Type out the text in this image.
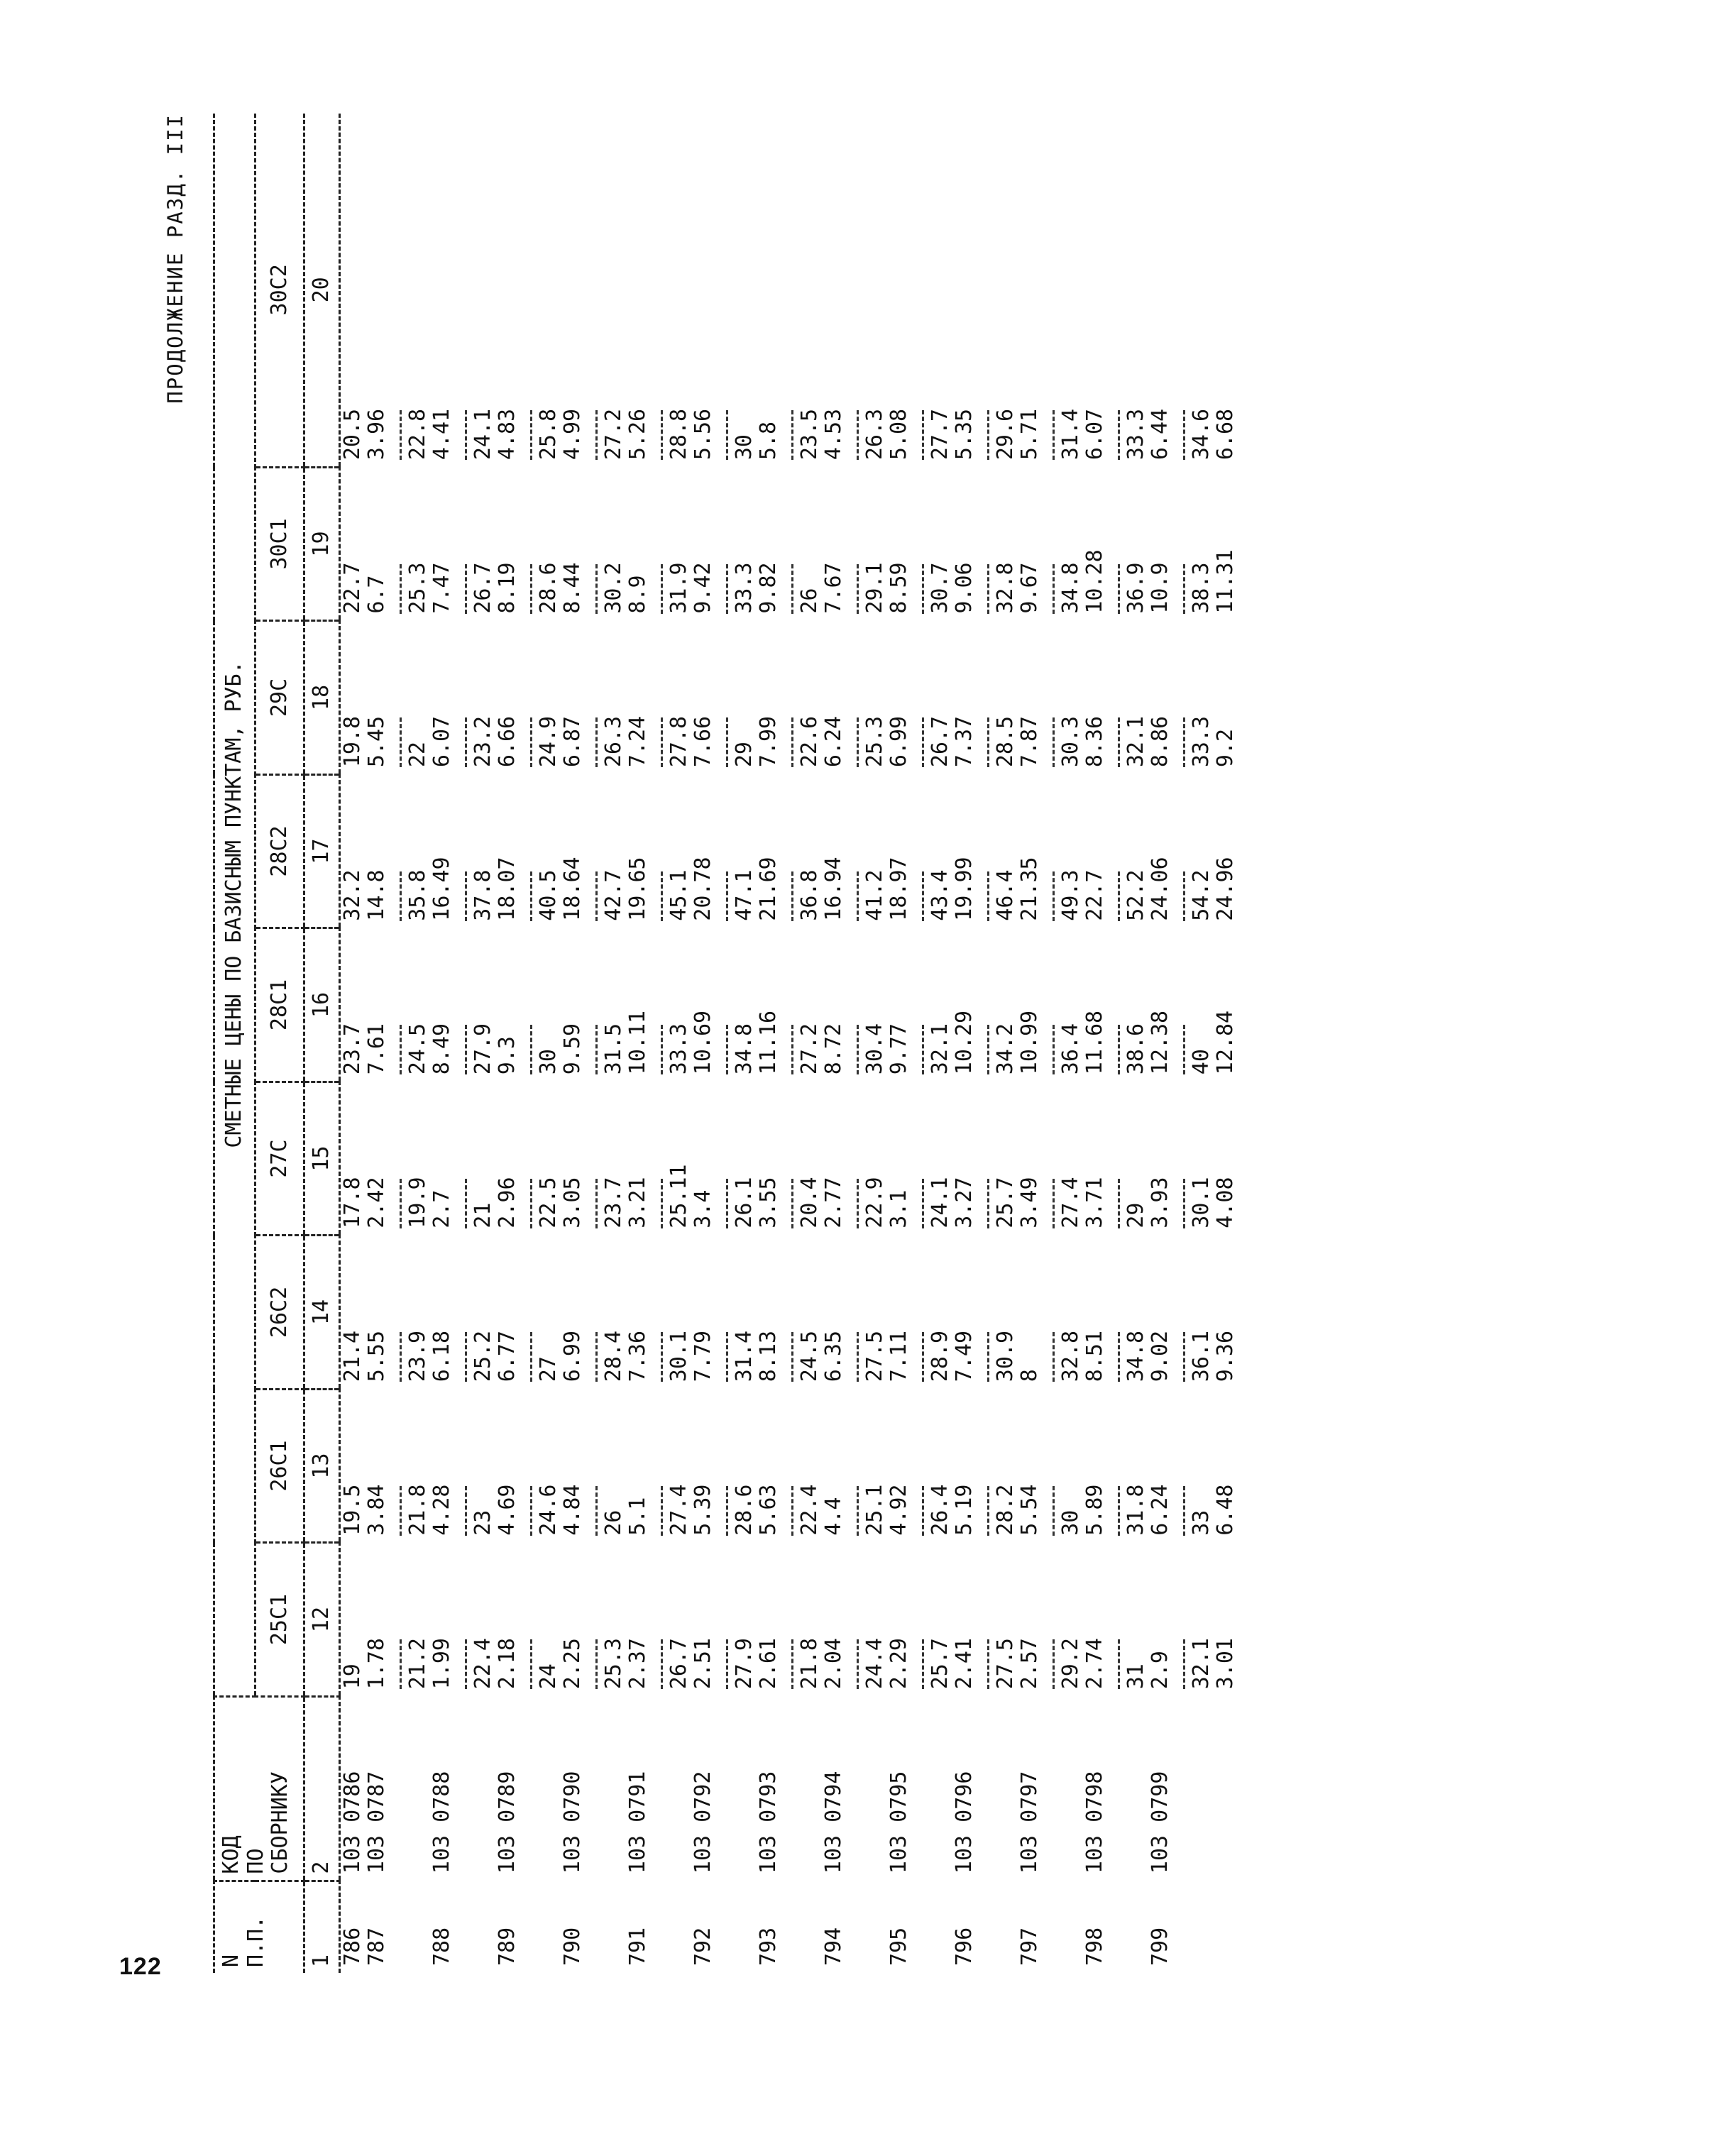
122
ПРОДОЛЖЕНИЕ РАЗД. III
N
П.П.	КОД
ПО
СБОРНИКУ	СМЕТНЫЕ ЦЕНЫ ПО БАЗИСНЫМ ПУНКТАМ, РУБ.								
		25С1	26С1	26С2	27С	28С1	28С2	29С	30С1	30С2
1	2	12	13	14	15	16	17	18	19	20
786	103 0786	19	19.5	21.4	17.8	23.7	32.2	19.8	22.7	20.5
787	103 0787	1.78	3.84	5.55	2.42	7.61	14.8	5.45	6.7	3.96

		21.2	21.8	23.9	19.9	24.5	35.8	22	25.3	22.8
788	103 0788	1.99	4.28	6.18	2.7	8.49	16.49	6.07	7.47	4.41

		22.4	23	25.2	21	27.9	37.8	23.2	26.7	24.1
789	103 0789	2.18	4.69	6.77	2.96	9.3	18.07	6.66	8.19	4.83

		24	24.6	27	22.5	30	40.5	24.9	28.6	25.8
790	103 0790	2.25	4.84	6.99	3.05	9.59	18.64	6.87	8.44	4.99

		25.3	26	28.4	23.7	31.5	42.7	26.3	30.2	27.2
791	103 0791	2.37	5.1	7.36	3.21	10.11	19.65	7.24	8.9	5.26

		26.7	27.4	30.1	25.11	33.3	45.1	27.8	31.9	28.8
792	103 0792	2.51	5.39	7.79	3.4	10.69	20.78	7.66	9.42	5.56

		27.9	28.6	31.4	26.1	34.8	47.1	29	33.3	30
793	103 0793	2.61	5.63	8.13	3.55	11.16	21.69	7.99	9.82	5.8

		21.8	22.4	24.5	20.4	27.2	36.8	22.6	26	23.5
794	103 0794	2.04	4.4	6.35	2.77	8.72	16.94	6.24	7.67	4.53

		24.4	25.1	27.5	22.9	30.4	41.2	25.3	29.1	26.3
795	103 0795	2.29	4.92	7.11	3.1	9.77	18.97	6.99	8.59	5.08

		25.7	26.4	28.9	24.1	32.1	43.4	26.7	30.7	27.7
796	103 0796	2.41	5.19	7.49	3.27	10.29	19.99	7.37	9.06	5.35

		27.5	28.2	30.9	25.7	34.2	46.4	28.5	32.8	29.6
797	103 0797	2.57	5.54	8	3.49	10.99	21.35	7.87	9.67	5.71

		29.2	30	32.8	27.4	36.4	49.3	30.3	34.8	31.4
798	103 0798	2.74	5.89	8.51	3.71	11.68	22.7	8.36	10.28	6.07

		31	31.8	34.8	29	38.6	52.2	32.1	36.9	33.3
799	103 0799	2.9	6.24	9.02	3.93	12.38	24.06	8.86	10.9	6.44

		32.1	33	36.1	30.1	40	54.2	33.3	38.3	34.6
		3.01	6.48	9.36	4.08	12.84	24.96	9.2	11.31	6.68
